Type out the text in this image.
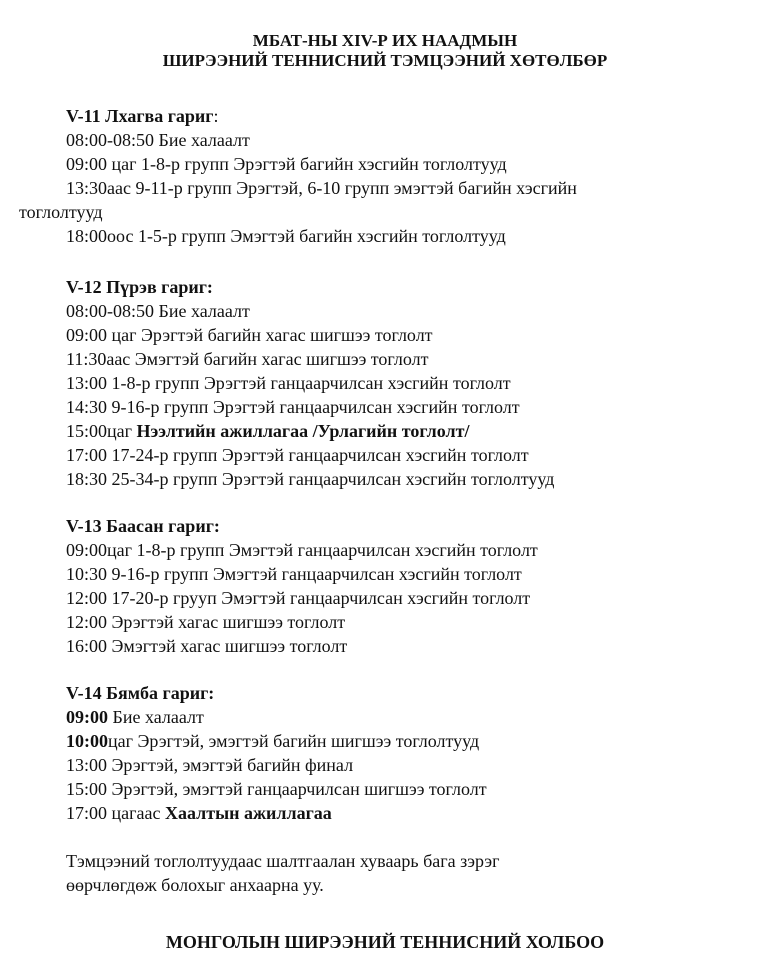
МБАТ-НЫ XIV-Р ИХ НААДМЫН
ШИРЭЭНИЙ ТЕННИСНИЙ ТЭМЦЭЭНИЙ ХӨТӨЛБӨР
V-11 Лхагва гариг:
08:00-08:50 Бие халаалт
09:00 цаг 1-8-р групп Эрэгтэй багийн хэсгийн тоглолтууд
13:30аас 9-11-р групп Эрэгтэй, 6-10 групп эмэгтэй багийн хэсгийн
тоглолтууд
18:00оос 1-5-р групп Эмэгтэй багийн хэсгийн тоглолтууд
V-12 Пүрэв гариг:
08:00-08:50 Бие халаалт
09:00 цаг Эрэгтэй багийн хагас шигшээ тоглолт
11:30аас Эмэгтэй багийн хагас шигшээ тоглолт
13:00 1-8-р групп Эрэгтэй ганцаарчилсан хэсгийн тоглолт
14:30 9-16-р групп Эрэгтэй ганцаарчилсан хэсгийн тоглолт
15:00цаг Нээлтийн ажиллагаа /Урлагийн тоглолт/
17:00 17-24-р групп Эрэгтэй ганцаарчилсан хэсгийн тоглолт
18:30 25-34-р групп Эрэгтэй ганцаарчилсан хэсгийн тоглолтууд
V-13 Баасан гариг:
09:00цаг 1-8-р групп Эмэгтэй ганцаарчилсан хэсгийн тоглолт
10:30 9-16-р групп Эмэгтэй ганцаарчилсан хэсгийн тоглолт
12:00 17-20-р грууп Эмэгтэй ганцаарчилсан хэсгийн тоглолт
12:00 Эрэгтэй хагас шигшээ тоглолт
16:00 Эмэгтэй хагас шигшээ тоглолт
V-14 Бямба гариг:
09:00 Бие халаалт
10:00цаг Эрэгтэй, эмэгтэй багийн шигшээ тоглолтууд
13:00 Эрэгтэй, эмэгтэй багийн финал
15:00 Эрэгтэй, эмэгтэй ганцаарчилсан шигшээ тоглолт
17:00 цагаас Хаалтын ажиллагаа
Тэмцээний тоглолтуудаас шалтгаалан хуваарь бага зэрэг
өөрчлөгдөж болохыг анхаарна уу.
МОНГОЛЫН ШИРЭЭНИЙ ТЕННИСНИЙ ХОЛБОО
